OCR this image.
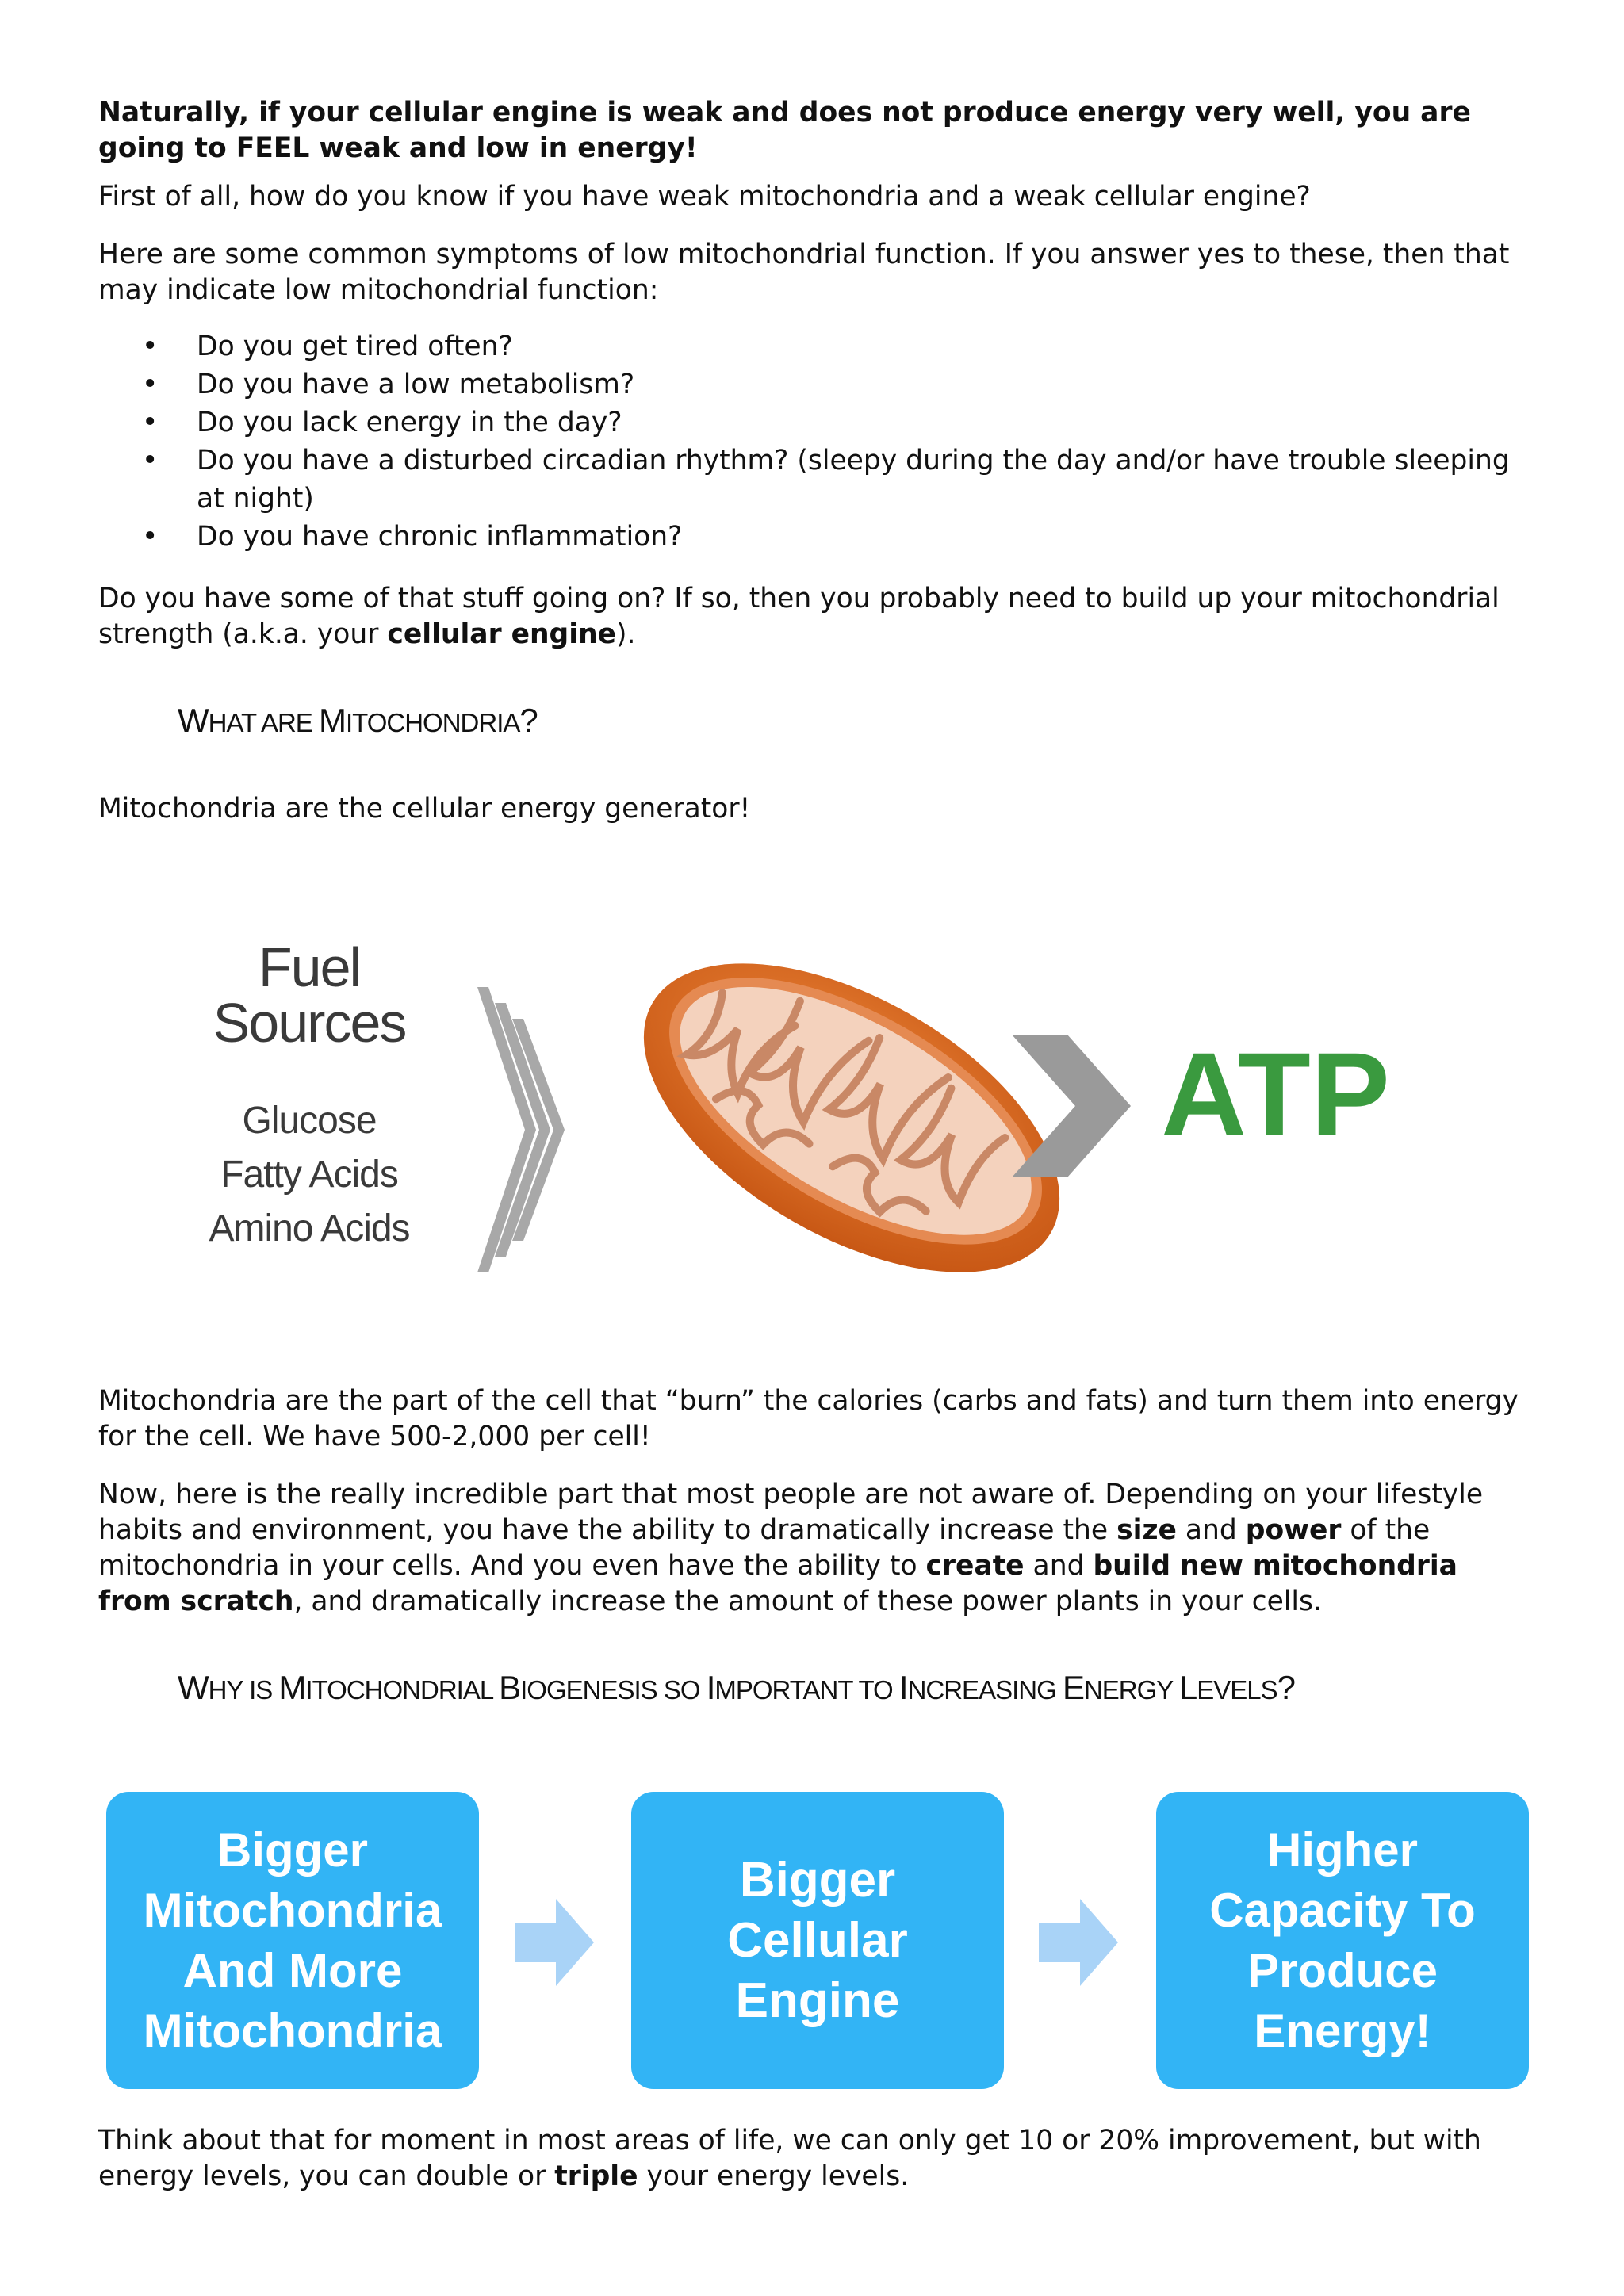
Naturally, if your cellular engine is weak and does not produce energy very well, you are going to FEEL weak and low in energy!

First of all, how do you know if you have weak mitochondria and a weak cellular engine?

Here are some common symptoms of low mitochondrial function. If you answer yes to these, then that may indicate low mitochondrial function:

• Do you get tired often?
• Do you have a low metabolism?
• Do you lack energy in the day?
• Do you have a disturbed circadian rhythm? (sleepy during the day and/or have trouble sleeping at night)
• Do you have chronic inflammation?

Do you have some of that stuff going on? If so, then you probably need to build up your mitochondrial strength (a.k.a. your cellular engine).

WHAT ARE MITOCHONDRIA?

Mitochondria are the cellular energy generator!

Fuel
Sources
Glucose
Fatty Acids
Amino Acids
ATP

Mitochondria are the part of the cell that “burn” the calories (carbs and fats) and turn them into energy for the cell. We have 500-2,000 per cell!

Now, here is the really incredible part that most people are not aware of. Depending on your lifestyle habits and environment, you have the ability to dramatically increase the size and power of the mitochondria in your cells. And you even have the ability to create and build new mitochondria from scratch, and dramatically increase the amount of these power plants in your cells.

WHY IS MITOCHONDRIAL BIOGENESIS SO IMPORTANT TO INCREASING ENERGY LEVELS?
Bigger Mitochondria And More Mitochondria
Bigger Cellular Engine
Higher Capacity To Produce Energy!

Think about that for moment in most areas of life, we can only get 10 or 20% improvement, but with energy levels, you can double or triple your energy levels.
